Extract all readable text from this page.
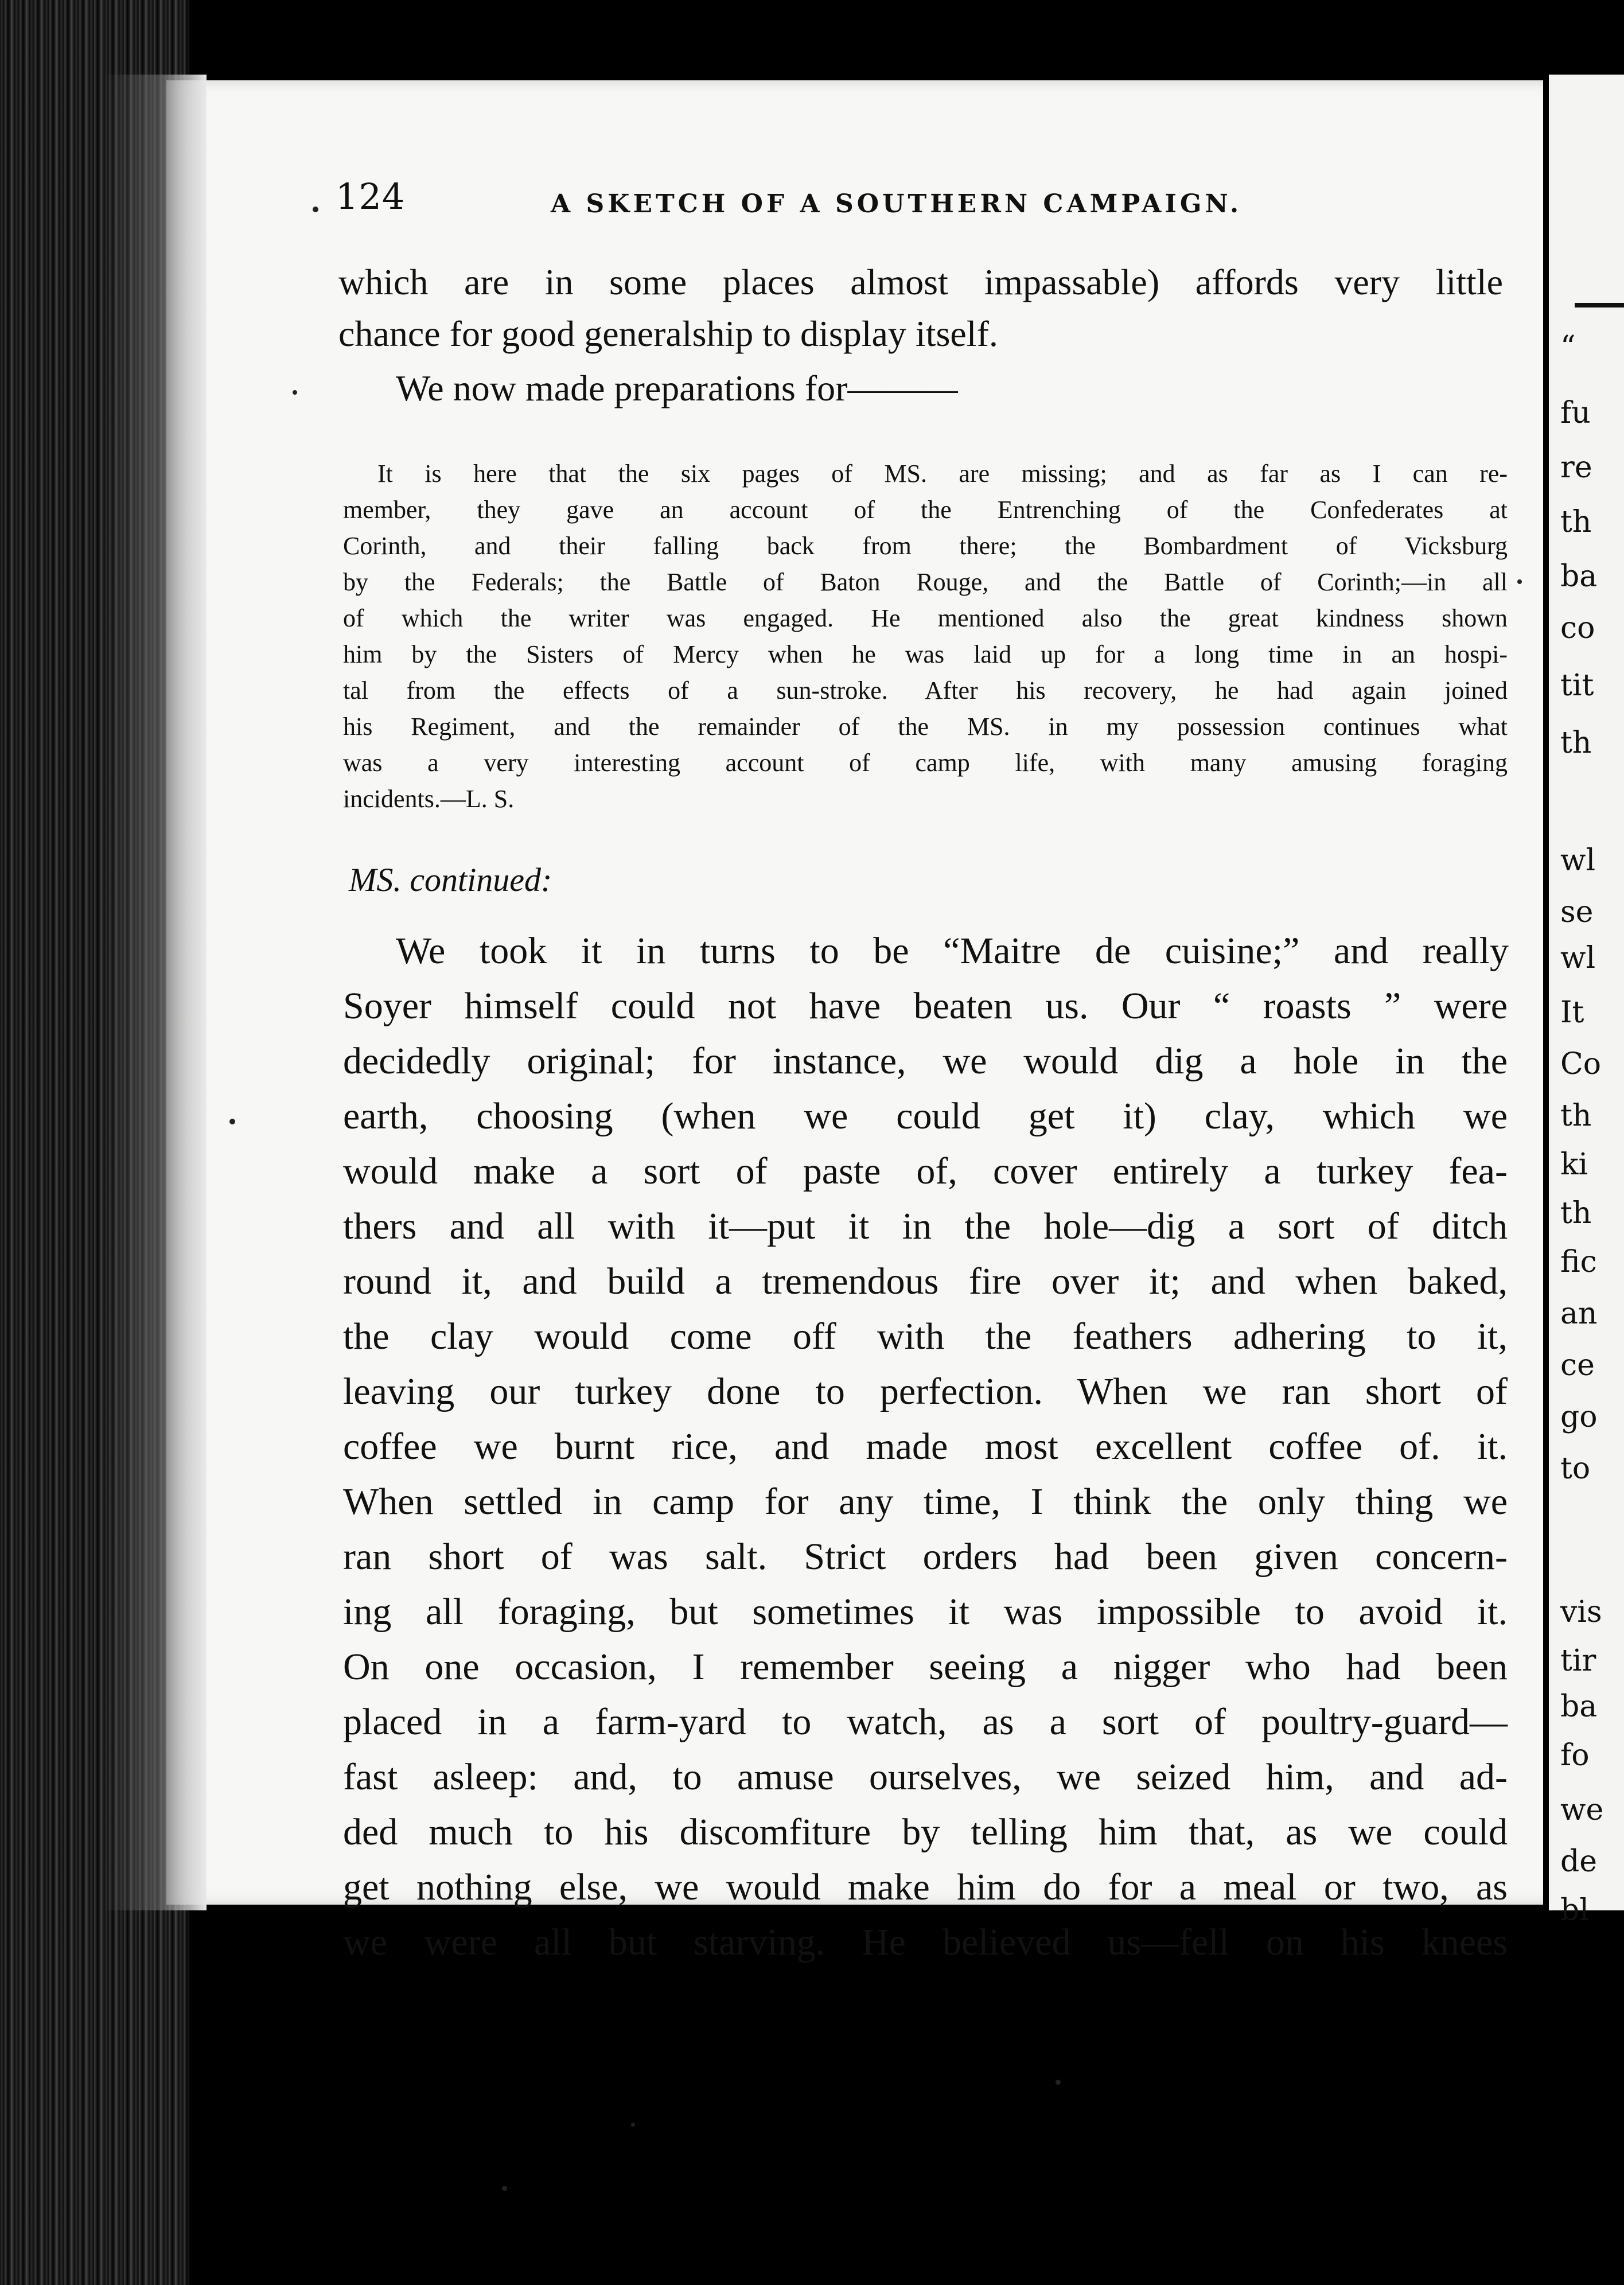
124	A SKETCH OF A SOUTHERN CAMPAIGN.
which are in some places almost impassable) affords very little
chance for good generalship to display itself.
We now made preparations for———
It is here that the six pages of MS. are missing; and as far as I can re-
member, they gave an account of the Entrenching of the Confederates at
Corinth, and their falling back from there; the Bombardment of Vicksburg
by the Federals; the Battle of Baton Rouge, and the Battle of Corinth;—in all
of which the writer was engaged. He mentioned also the great kindness shown
him by the Sisters of Mercy when he was laid up for a long time in an hospi-
tal from the effects of a sun-stroke. After his recovery, he had again joined
his Regiment, and the remainder of the MS. in my possession continues what
was a very interesting account of camp life, with many amusing foraging
incidents.—L. S.
MS. continued:
We took it in turns to be “Maitre de cuisine;” and really
Soyer himself could not have beaten us. Our “ roasts ” were
decidedly original; for instance, we would dig a hole in the
earth, choosing (when we could get it) clay, which we
would make a sort of paste of, cover entirely a turkey fea-
thers and all with it—put it in the hole—dig a sort of ditch
round it, and build a tremendous fire over it; and when baked,
the clay would come off with the feathers adhering to it,
leaving our turkey done to perfection. When we ran short of
coffee we burnt rice, and made most excellent coffee of. it.
When settled in camp for any time, I think the only thing we
ran short of was salt. Strict orders had been given concern-
ing all foraging, but sometimes it was impossible to avoid it.
On one occasion, I remember seeing a nigger who had been
placed in a farm-yard to watch, as a sort of poultry-guard—
fast asleep: and, to amuse ourselves, we seized him, and ad-
ded much to his discomfiture by telling him that, as we could
get nothing else, we would make him do for a meal or two, as
we were all but starving. He believed us—fell on his knees
“
fu
re
th
ba
co
tit
th
wl
se
wl
It
Co
th
ki
th
fic
an
ce
go
to
vis
tir
ba
fo
we
de
bl
